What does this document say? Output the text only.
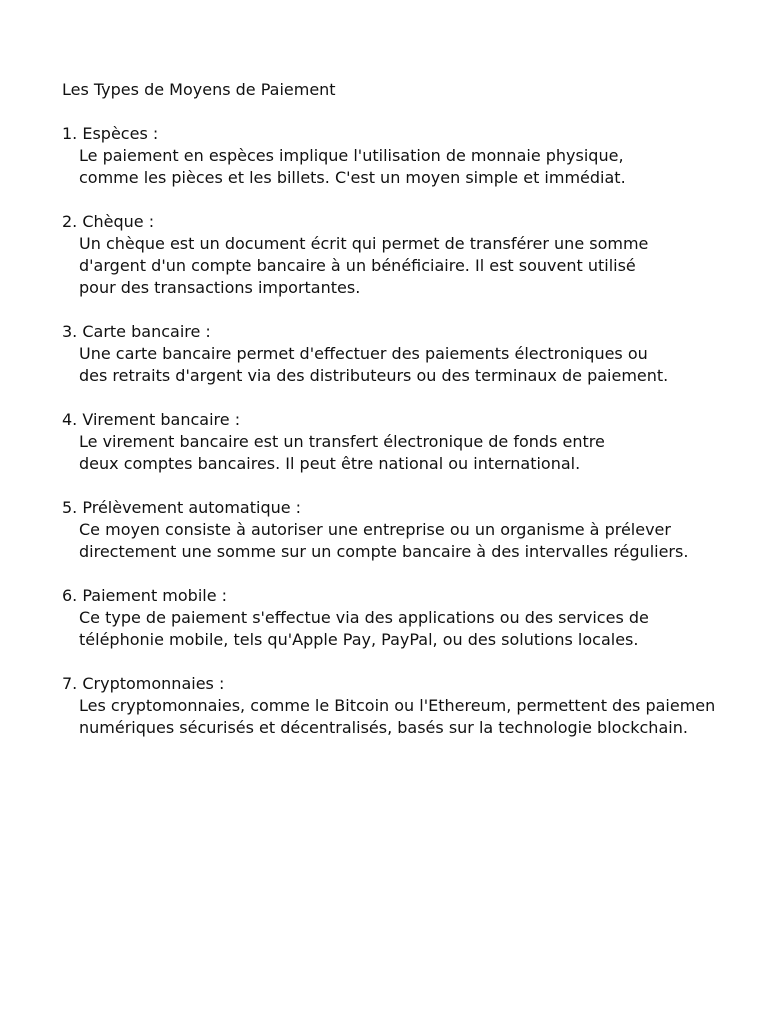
Les Types de Moyens de Paiement
1. Espèces :
Le paiement en espèces implique l'utilisation de monnaie physique,
comme les pièces et les billets. C'est un moyen simple et immédiat.
2. Chèque :
Un chèque est un document écrit qui permet de transférer une somme
d'argent d'un compte bancaire à un bénéficiaire. Il est souvent utilisé
pour des transactions importantes.
3. Carte bancaire :
Une carte bancaire permet d'effectuer des paiements électroniques ou
des retraits d'argent via des distributeurs ou des terminaux de paiement.
4. Virement bancaire :
Le virement bancaire est un transfert électronique de fonds entre
deux comptes bancaires. Il peut être national ou international.
5. Prélèvement automatique :
Ce moyen consiste à autoriser une entreprise ou un organisme à prélever
directement une somme sur un compte bancaire à des intervalles réguliers.
6. Paiement mobile :
Ce type de paiement s'effectue via des applications ou des services de
téléphonie mobile, tels qu'Apple Pay, PayPal, ou des solutions locales.
7. Cryptomonnaies :
Les cryptomonnaies, comme le Bitcoin ou l'Ethereum, permettent des paiemen
numériques sécurisés et décentralisés, basés sur la technologie blockchain.
